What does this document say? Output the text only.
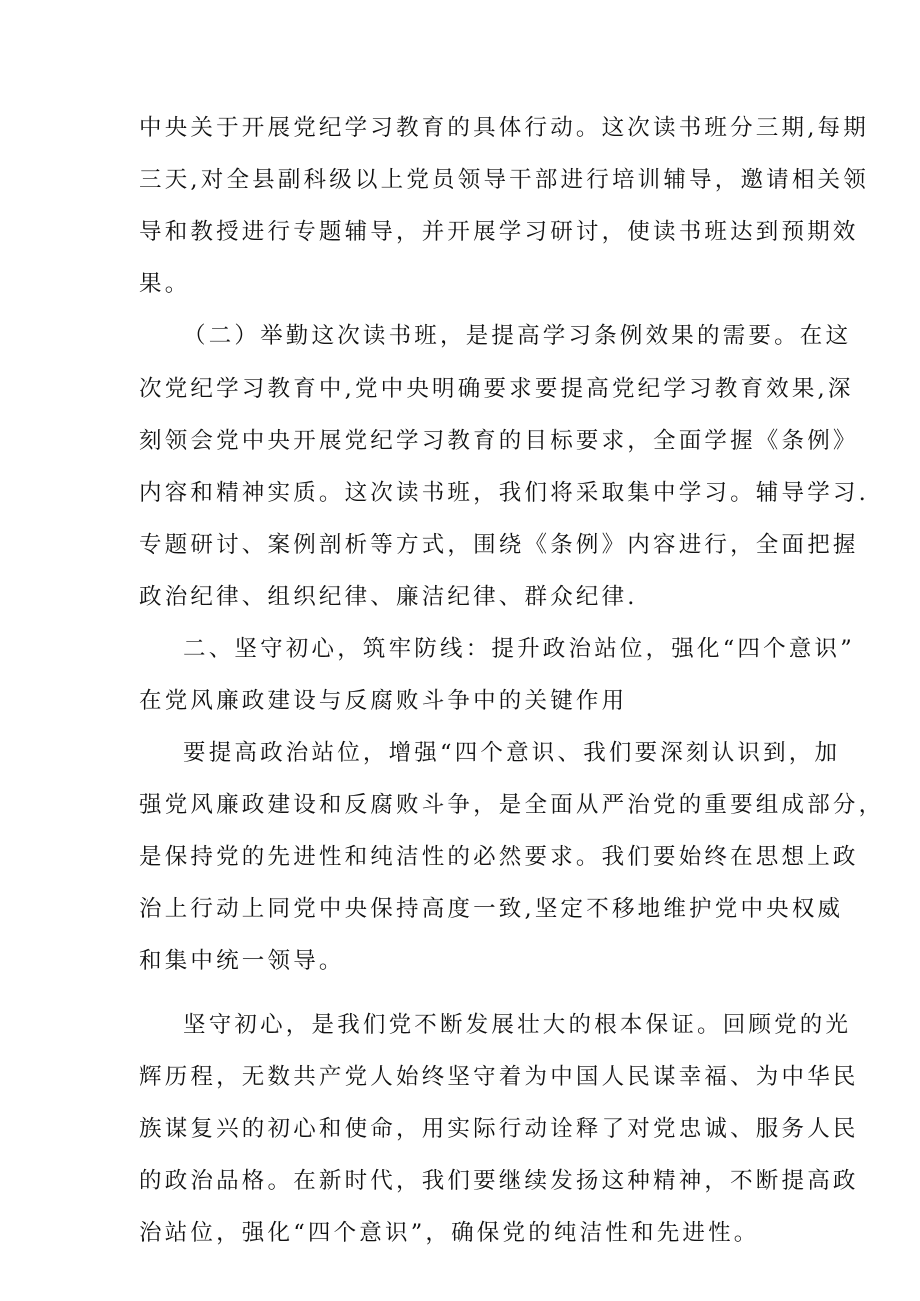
中央关于开展党纪学习教育的具体行动。这次读书班分三期,每期
三天,对全县副科级以上党员领导干部进行培训辅导，邀请相关领
导和教授进行专题辅导，并开展学习研讨，使读书班达到预期效
果。
（二）举勤这次读书班，是提高学习条例效果的需要。在这
次党纪学习教育中,党中央明确要求要提高党纪学习教育效果,深
刻领会党中央开展党纪学习教育的目标要求，全面学握《条例》
内容和精神实质。这次读书班，我们将采取集中学习。辅导学习.
专题研讨、案例剖析等方式，围绕《条例》内容进行，全面把握
政治纪律、组织纪律、廉洁纪律、群众纪律.
二、坚守初心，筑牢防线：提升政治站位，强化“四个意识”
在党风廉政建设与反腐败斗争中的关键作用
要提高政治站位，增强“四个意识、我们要深刻认识到，加
强党风廉政建设和反腐败斗争，是全面从严治党的重要组成部分，
是保持党的先进性和纯洁性的必然要求。我们要始终在思想上政
治上行动上同党中央保持高度一致,坚定不移地维护党中央权威
和集中统一领导。
坚守初心，是我们党不断发展壮大的根本保证。回顾党的光
辉历程，无数共产党人始终坚守着为中国人民谋幸福、为中华民
族谋复兴的初心和使命，用实际行动诠释了对党忠诚、服务人民
的政治品格。在新时代，我们要继续发扬这种精神，不断提高政
治站位，强化“四个意识”，确保党的纯洁性和先进性。
